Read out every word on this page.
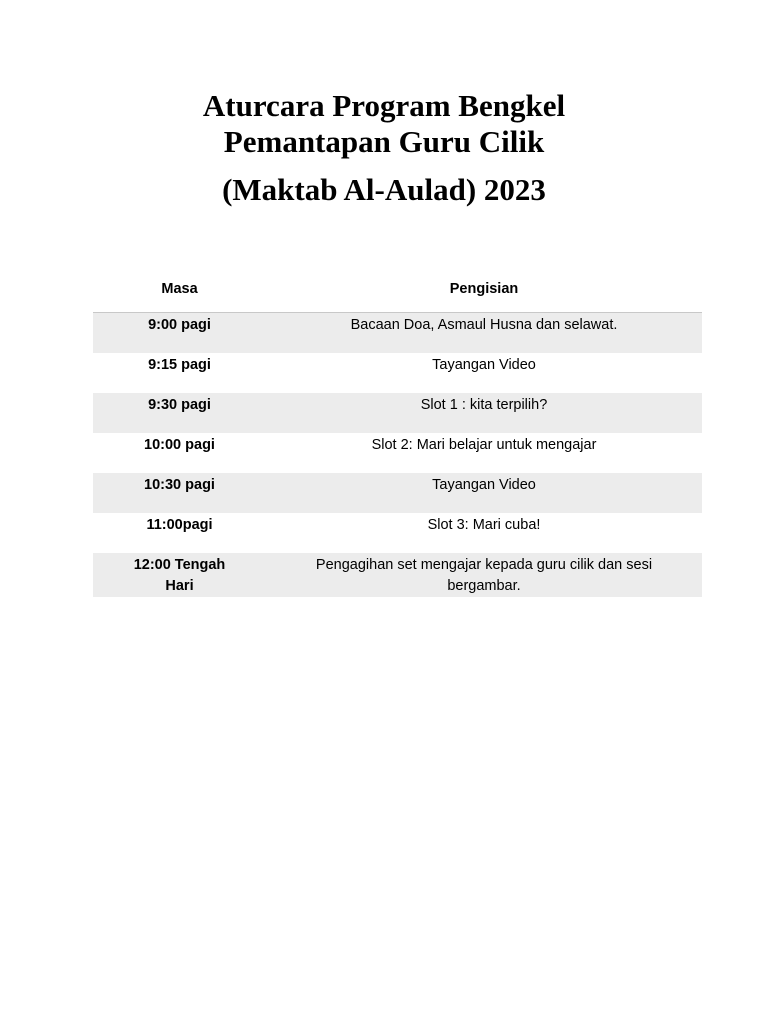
Aturcara Program Bengkel
Pemantapan Guru Cilik
(Maktab Al-Aulad) 2023
Masa	Pengisian

9:00 pagi	Bacaan Doa, Asmaul Husna dan selawat.

9:15 pagi	Tayangan Video

9:30 pagi	Slot 1 : kita terpilih?

10:00 pagi	Slot 2: Mari belajar untuk mengajar

10:30 pagi	Tayangan Video

11:00pagi	Slot 3: Mari cuba!

12:00 Tengah Hari	Pengagihan set mengajar kepada guru cilik dan sesi bergambar.
